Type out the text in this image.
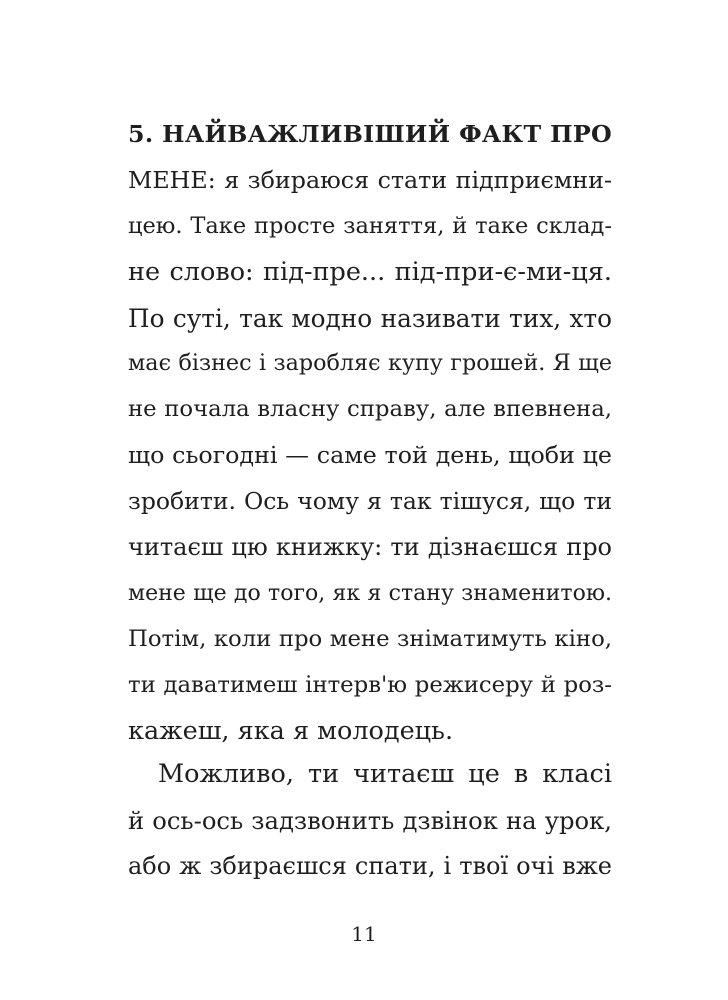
5. НАЙВАЖЛИВІШИЙ ФАКТ ПРО
МЕНЕ: я збираюся стати підприємни-
цею. Таке просте заняття, й таке склад-
не слово: під-пре... під-при-є-ми-ця.
По суті, так модно називати тих, хто
має бізнес і заробляє купу грошей. Я ще
не почала власну справу, але впевнена,
що сьогодні — саме той день, щоби це
зробити. Ось чому я так тішуся, що ти
читаєш цю книжку: ти дізнаєшся про
мене ще до того, як я стану знаменитою.
Потім, коли про мене зніматимуть кіно,
ти даватимеш інтерв'ю режисеру й роз-
кажеш, яка я молодець.
Можливо, ти читаєш це в класі
й ось-ось задзвонить дзвінок на урок,
або ж збираєшся спати, і твої очі вже
11
